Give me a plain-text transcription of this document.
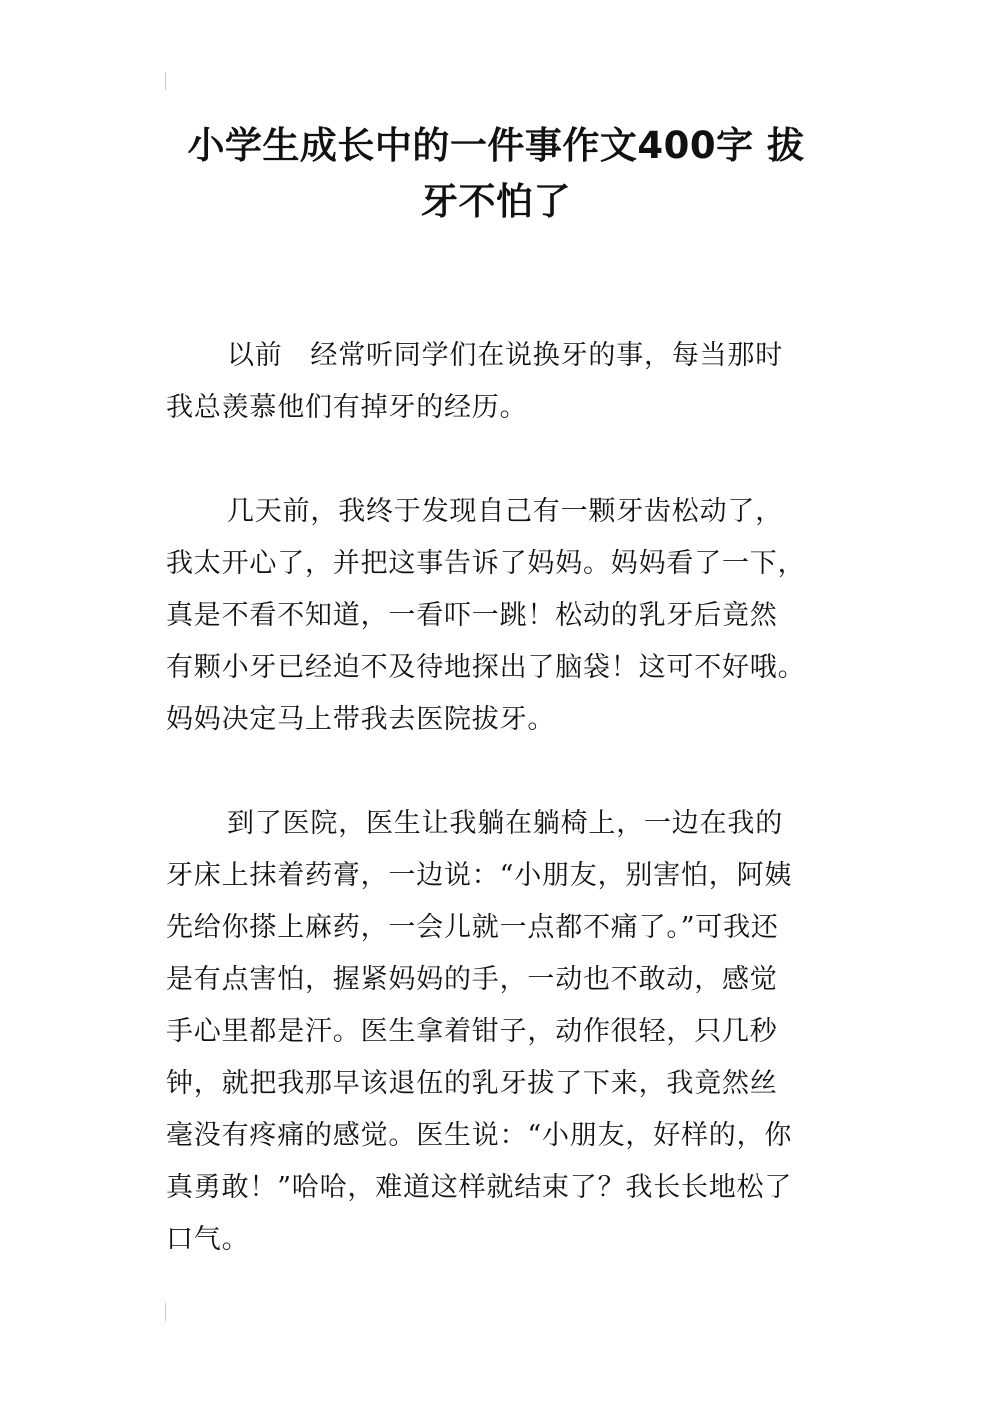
小学生成长中的一件事作文400字 拔
牙不怕了
以前　经常听同学们在说换牙的事，每当那时
我总羡慕他们有掉牙的经历。
几天前，我终于发现自己有一颗牙齿松动了，
我太开心了，并把这事告诉了妈妈。妈妈看了一下，
真是不看不知道，一看吓一跳！松动的乳牙后竟然
有颗小牙已经迫不及待地探出了脑袋！这可不好哦。
妈妈决定马上带我去医院拔牙。
到了医院，医生让我躺在躺椅上，一边在我的
牙床上抹着药膏，一边说：“小朋友，别害怕，阿姨
先给你搽上麻药，一会儿就一点都不痛了。”可我还
是有点害怕，握紧妈妈的手，一动也不敢动，感觉
手心里都是汗。医生拿着钳子，动作很轻，只几秒
钟，就把我那早该退伍的乳牙拔了下来，我竟然丝
毫没有疼痛的感觉。医生说：“小朋友，好样的，你
真勇敢！”哈哈，难道这样就结束了？我长长地松了
口气。
